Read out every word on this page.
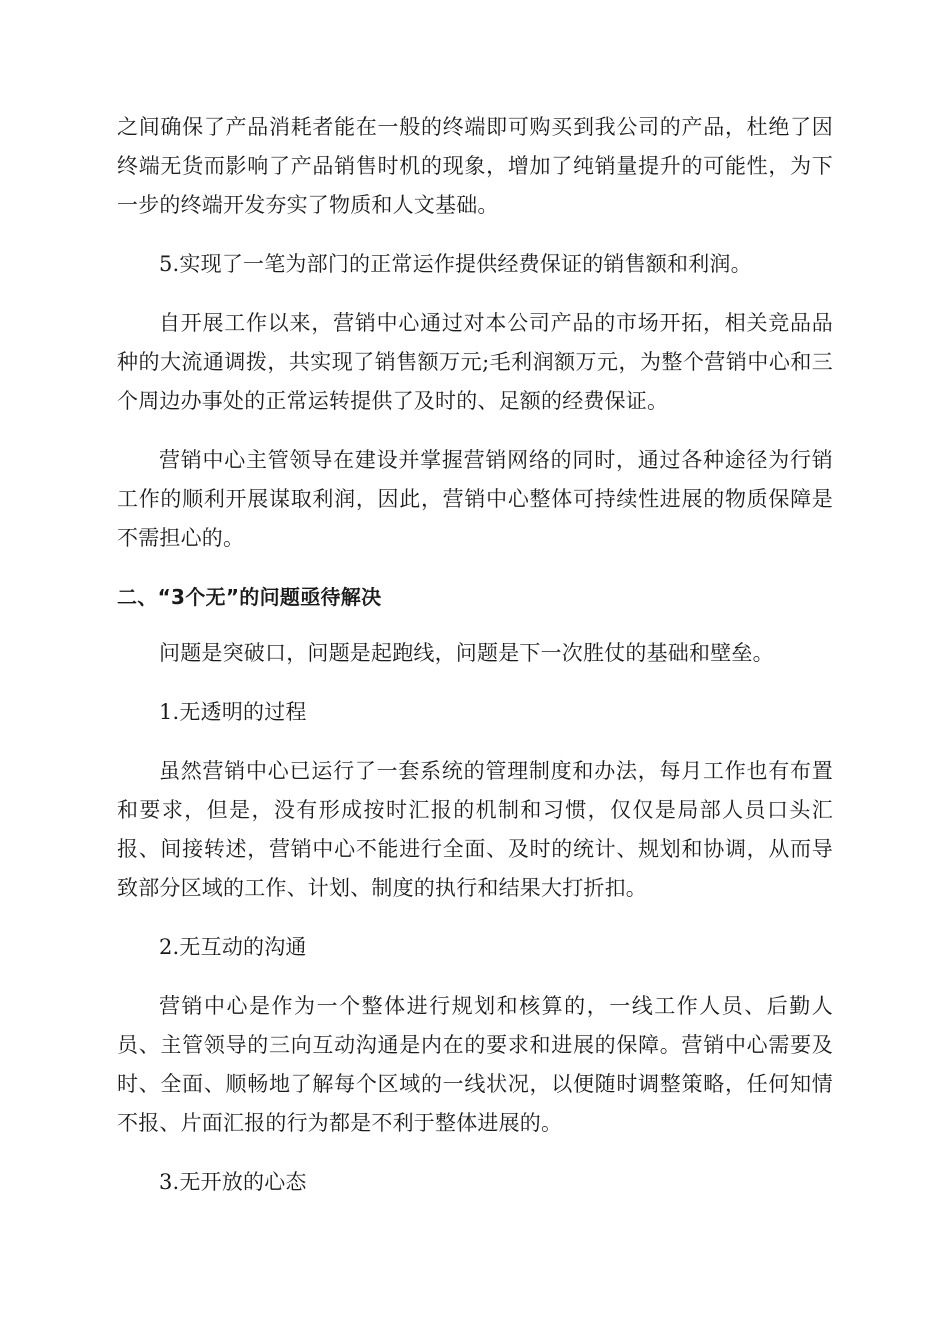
之间确保了产品消耗者能在一般的终端即可购买到我公司的产品，杜绝了因终端无货而影响了产品销售时机的现象，增加了纯销量提升的可能性，为下一步的终端开发夯实了物质和人文基础。

5.实现了一笔为部门的正常运作提供经费保证的销售额和利润。

自开展工作以来，营销中心通过对本公司产品的市场开拓，相关竞品品种的大流通调拨，共实现了销售额万元;毛利润额万元，为整个营销中心和三个周边办事处的正常运转提供了及时的、足额的经费保证。

营销中心主管领导在建设并掌握营销网络的同时，通过各种途径为行销工作的顺利开展谋取利润，因此，营销中心整体可持续性进展的物质保障是不需担心的。

二、“3个无”的问题亟待解决

问题是突破口，问题是起跑线，问题是下一次胜仗的基础和壁垒。

1.无透明的过程

虽然营销中心已运行了一套系统的管理制度和办法，每月工作也有布置和要求，但是，没有形成按时汇报的机制和习惯，仅仅是局部人员口头汇报、间接转述，营销中心不能进行全面、及时的统计、规划和协调，从而导致部分区域的工作、计划、制度的执行和结果大打折扣。

2.无互动的沟通

营销中心是作为一个整体进行规划和核算的，一线工作人员、后勤人员、主管领导的三向互动沟通是内在的要求和进展的保障。营销中心需要及时、全面、顺畅地了解每个区域的一线状况，以便随时调整策略，任何知情不报、片面汇报的行为都是不利于整体进展的。

3.无开放的心态
